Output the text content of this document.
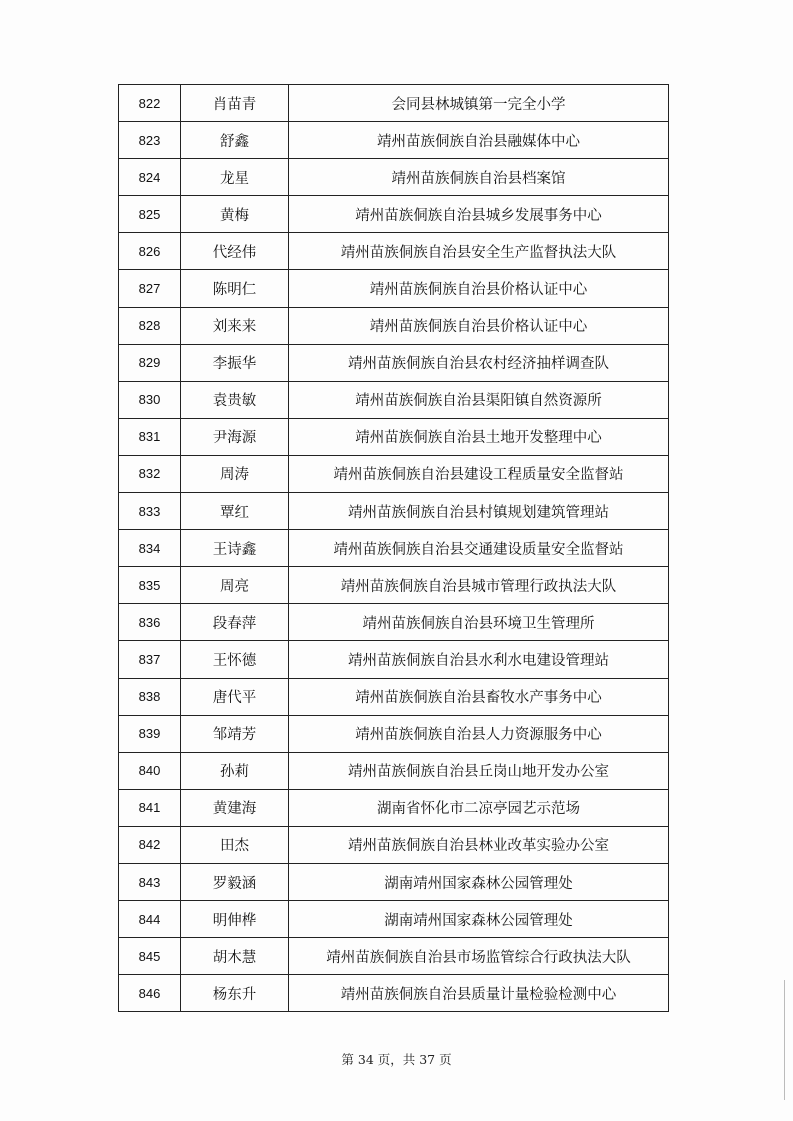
822	肖苗青	会同县林城镇第一完全小学
823	舒鑫	靖州苗族侗族自治县融媒体中心
824	龙星	靖州苗族侗族自治县档案馆
825	黄梅	靖州苗族侗族自治县城乡发展事务中心
826	代经伟	靖州苗族侗族自治县安全生产监督执法大队
827	陈明仁	靖州苗族侗族自治县价格认证中心
828	刘来来	靖州苗族侗族自治县价格认证中心
829	李振华	靖州苗族侗族自治县农村经济抽样调查队
830	袁贵敏	靖州苗族侗族自治县渠阳镇自然资源所
831	尹海源	靖州苗族侗族自治县土地开发整理中心
832	周涛	靖州苗族侗族自治县建设工程质量安全监督站
833	覃红	靖州苗族侗族自治县村镇规划建筑管理站
834	王诗鑫	靖州苗族侗族自治县交通建设质量安全监督站
835	周亮	靖州苗族侗族自治县城市管理行政执法大队
836	段春萍	靖州苗族侗族自治县环境卫生管理所
837	王怀德	靖州苗族侗族自治县水利水电建设管理站
838	唐代平	靖州苗族侗族自治县畜牧水产事务中心
839	邹靖芳	靖州苗族侗族自治县人力资源服务中心
840	孙莉	靖州苗族侗族自治县丘岗山地开发办公室
841	黄建海	湖南省怀化市二凉亭园艺示范场
842	田杰	靖州苗族侗族自治县林业改革实验办公室
843	罗毅涵	湖南靖州国家森林公园管理处
844	明伸桦	湖南靖州国家森林公园管理处
845	胡木慧	靖州苗族侗族自治县市场监管综合行政执法大队
846	杨东升	靖州苗族侗族自治县质量计量检验检测中心
第 34 页，共 37 页
